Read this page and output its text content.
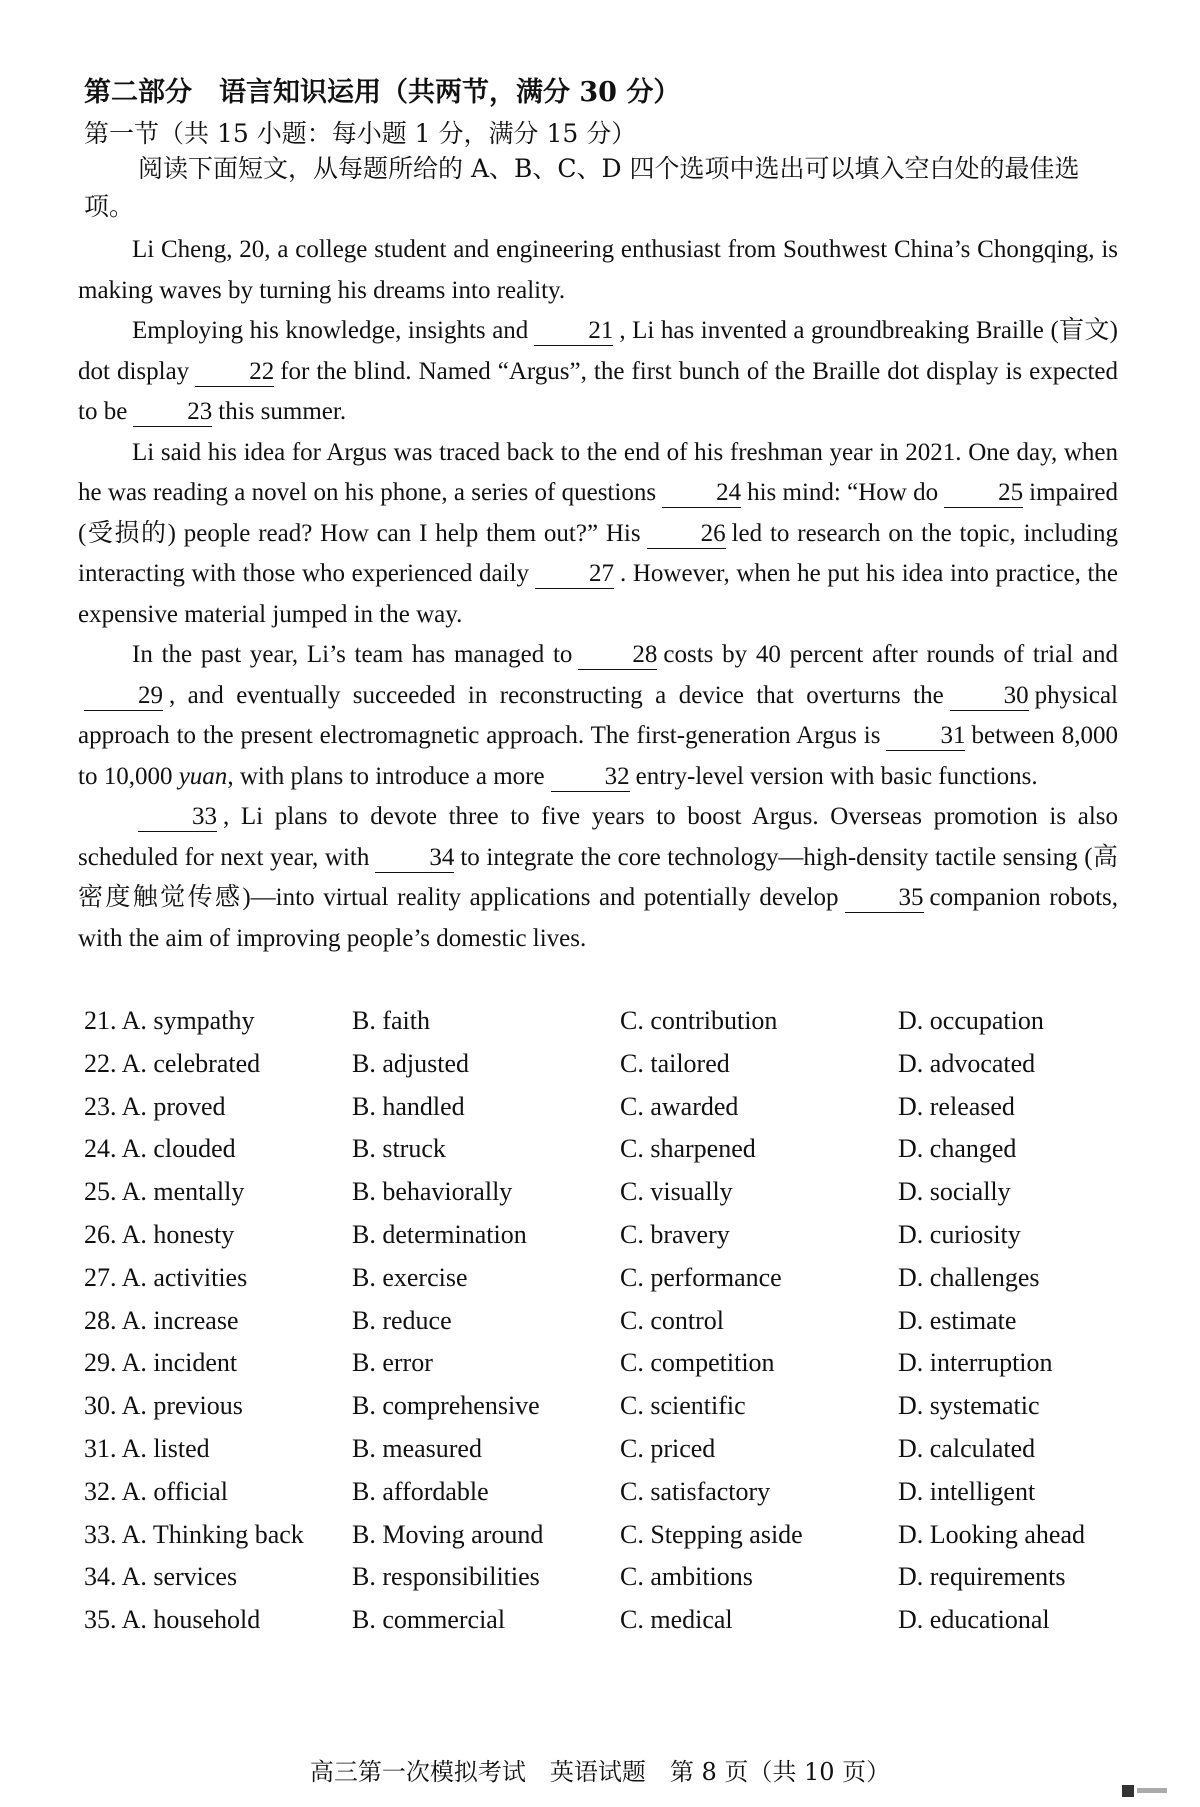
第二部分　语言知识运用（共两节，满分 30 分）
第一节（共 15 小题：每小题 1 分，满分 15 分）
阅读下面短文，从每题所给的 A、B、C、D 四个选项中选出可以填入空白处的最佳选项。

Li Cheng, 20, a college student and engineering enthusiast from Southwest China’s Chongqing, is making waves by turning his dreams into reality.

Employing his knowledge, insights and 21 , Li has invented a groundbreaking Braille (盲文) dot display 22 for the blind. Named “Argus”, the first bunch of the Braille dot display is expected to be 23 this summer.

Li said his idea for Argus was traced back to the end of his freshman year in 2021. One day, when he was reading a novel on his phone, a series of questions 24 his mind: “How do 25 impaired (受损的) people read? How can I help them out?” His 26 led to research on the topic, including interacting with those who experienced daily 27 . However, when he put his idea into practice, the expensive material jumped in the way.

In the past year, Li’s team has managed to 28 costs by 40 percent after rounds of trial and29 , and eventually succeeded in reconstructing a device that overturns the 30 physical approach to the present electromagnetic approach. The first-generation Argus is 31 between 8,000 to 10,000 yuan, with plans to introduce a more 32 entry-level version with basic functions.

33 , Li plans to devote three to five years to boost Argus. Overseas promotion is also scheduled for next year, with 34 to integrate the core technology—high-density tactile sensing (高密度触觉传感)—into virtual reality applications and potentially develop 35 companion robots, with the aim of improving people’s domestic lives.

21. A. sympathy	B. faith	C. contribution	D. occupation
22. A. celebrated	B. adjusted	C. tailored	D. advocated
23. A. proved	B. handled	C. awarded	D. released
24. A. clouded	B. struck	C. sharpened	D. changed
25. A. mentally	B. behaviorally	C. visually	D. socially
26. A. honesty	B. determination	C. bravery	D. curiosity
27. A. activities	B. exercise	C. performance	D. challenges
28. A. increase	B. reduce	C. control	D. estimate
29. A. incident	B. error	C. competition	D. interruption
30. A. previous	B. comprehensive	C. scientific	D. systematic
31. A. listed	B. measured	C. priced	D. calculated
32. A. official	B. affordable	C. satisfactory	D. intelligent
33. A. Thinking back B. Moving around	C. Stepping aside	D. Looking ahead
34. A. services	B. responsibilities	C. ambitions	D. requirements
35. A. household	B. commercial	C. medical	D. educational
高三第一次模拟考试　英语试题　第 8 页（共 10 页）
